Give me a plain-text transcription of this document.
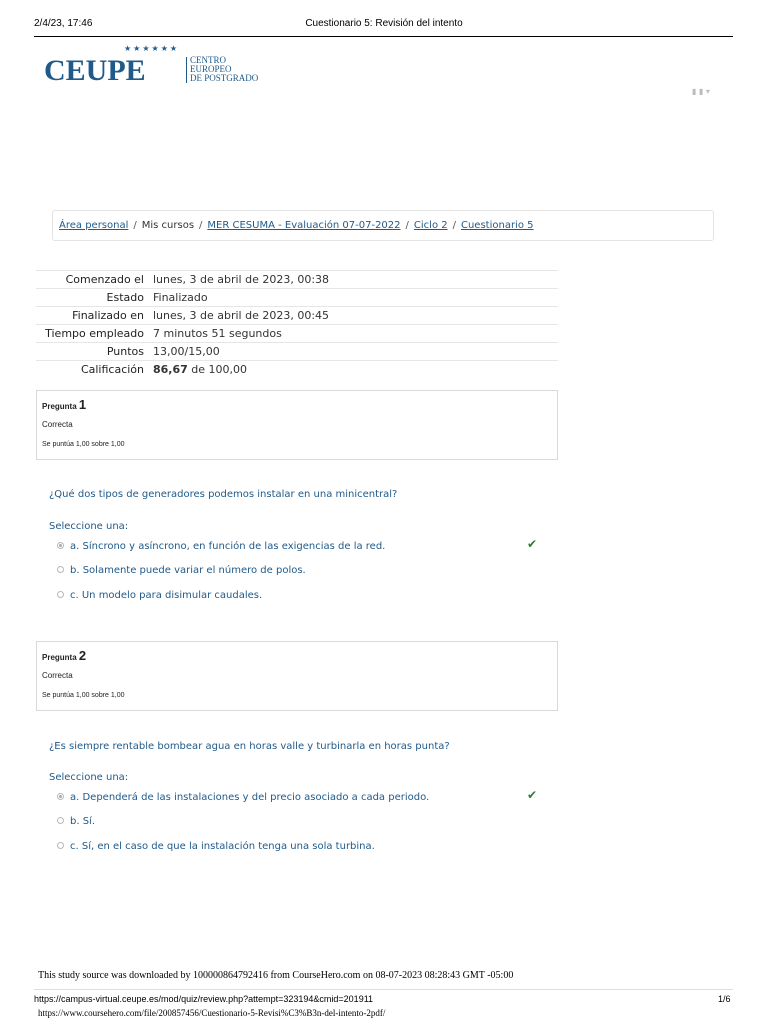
2/4/23, 17:46	Cuestionario 5: Revisión del intento
★★★★★★
CEUPE	CENTRO
EUROPEO
DE POSTGRADO
▮ ▮ ▾
Área personal / Mis cursos / MER CESUMA - Evaluación 07-07-2022 / Ciclo 2 / Cuestionario 5
Comenzado el	lunes, 3 de abril de 2023, 00:38
Estado	Finalizado
Finalizado en	lunes, 3 de abril de 2023, 00:45
Tiempo empleado	7 minutos 51 segundos
Puntos	13,00/15,00
Calificación	86,67 de 100,00
Pregunta 1
Correcta
Se puntúa 1,00 sobre 1,00
¿Qué dos tipos de generadores podemos instalar en una minicentral?
Seleccione una:
a. Síncrono y asíncrono, en función de las exigencias de la red.	✔
b. Solamente puede variar el número de polos.
c. Un modelo para disimular caudales.
Pregunta 2
Correcta
Se puntúa 1,00 sobre 1,00
¿Es siempre rentable bombear agua en horas valle y turbinarla en horas punta?
Seleccione una:
a. Dependerá de las instalaciones y del precio asociado a cada periodo.	✔
b. Sí.
c. Sí, en el caso de que la instalación tenga una sola turbina.
This study source was downloaded by 100000864792416 from CourseHero.com on 08-07-2023 08:28:43 GMT -05:00
https://campus-virtual.ceupe.es/mod/quiz/review.php?attempt=323194&cmid=201911	1/6
https://www.coursehero.com/file/200857456/Cuestionario-5-Revisi%C3%B3n-del-intento-2pdf/
